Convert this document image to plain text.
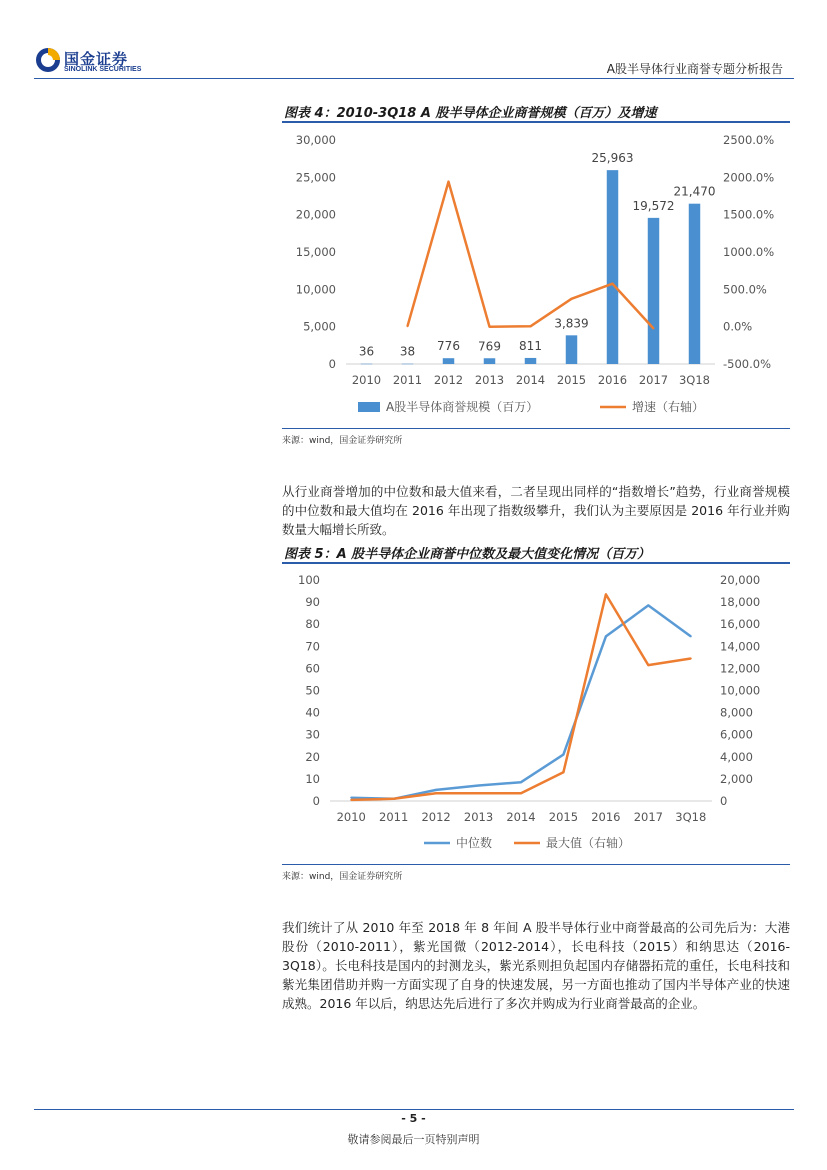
国金证券
SINOLINK SECURITIES	A股半导体行业商誉专题分析报告
图表 4：2010-3Q18 A 股半导体企业商誉规模（百万）及增速
0
5,000
10,000
15,000
20,000
25,000
30,000
-500.0%
0.0%
500.0%
1000.0%
1500.0%
2000.0%
2500.0%
2010 2011 2012 2013 2014 2015 2016 2017 3Q18
36 38 776 769 811
3,839
25,963
19,572
21,470
A股半导体商誉规模（百万）	增速（右轴）
来源：wind，国金证券研究所
从行业商誉增加的中位数和最大值来看，二者呈现出同样的“指数增长”趋势，行业商誉规模的中位数和最大值均在 2016 年出现了指数级攀升，我们认为主要原因是 2016 年行业并购数量大幅增长所致。
图表 5：A 股半导体企业商誉中位数及最大值变化情况（百万）
0
10
20
30
40
50
60
70
80
90
100
0
2,000
4,000
6,000
8,000
10,000
12,000
14,000
16,000
18,000
20,000
2010 2011 2012 2013 2014 2015 2016 2017 3Q18
中位数	最大值（右轴）
来源：wind，国金证券研究所
我们统计了从 2010 年至 2018 年 8 年间 A 股半导体行业中商誉最高的公司先后为：大港股份（2010-2011），紫光国微（2012-2014），长电科技（2015）和纳思达（2016-3Q18）。长电科技是国内的封测龙头，紫光系则担负起国内存储器拓荒的重任，长电科技和紫光集团借助并购一方面实现了自身的快速发展，另一方面也推动了国内半导体产业的快速成熟。2016 年以后，纳思达先后进行了多次并购成为行业商誉最高的企业。
- 5 -
敬请参阅最后一页特别声明
